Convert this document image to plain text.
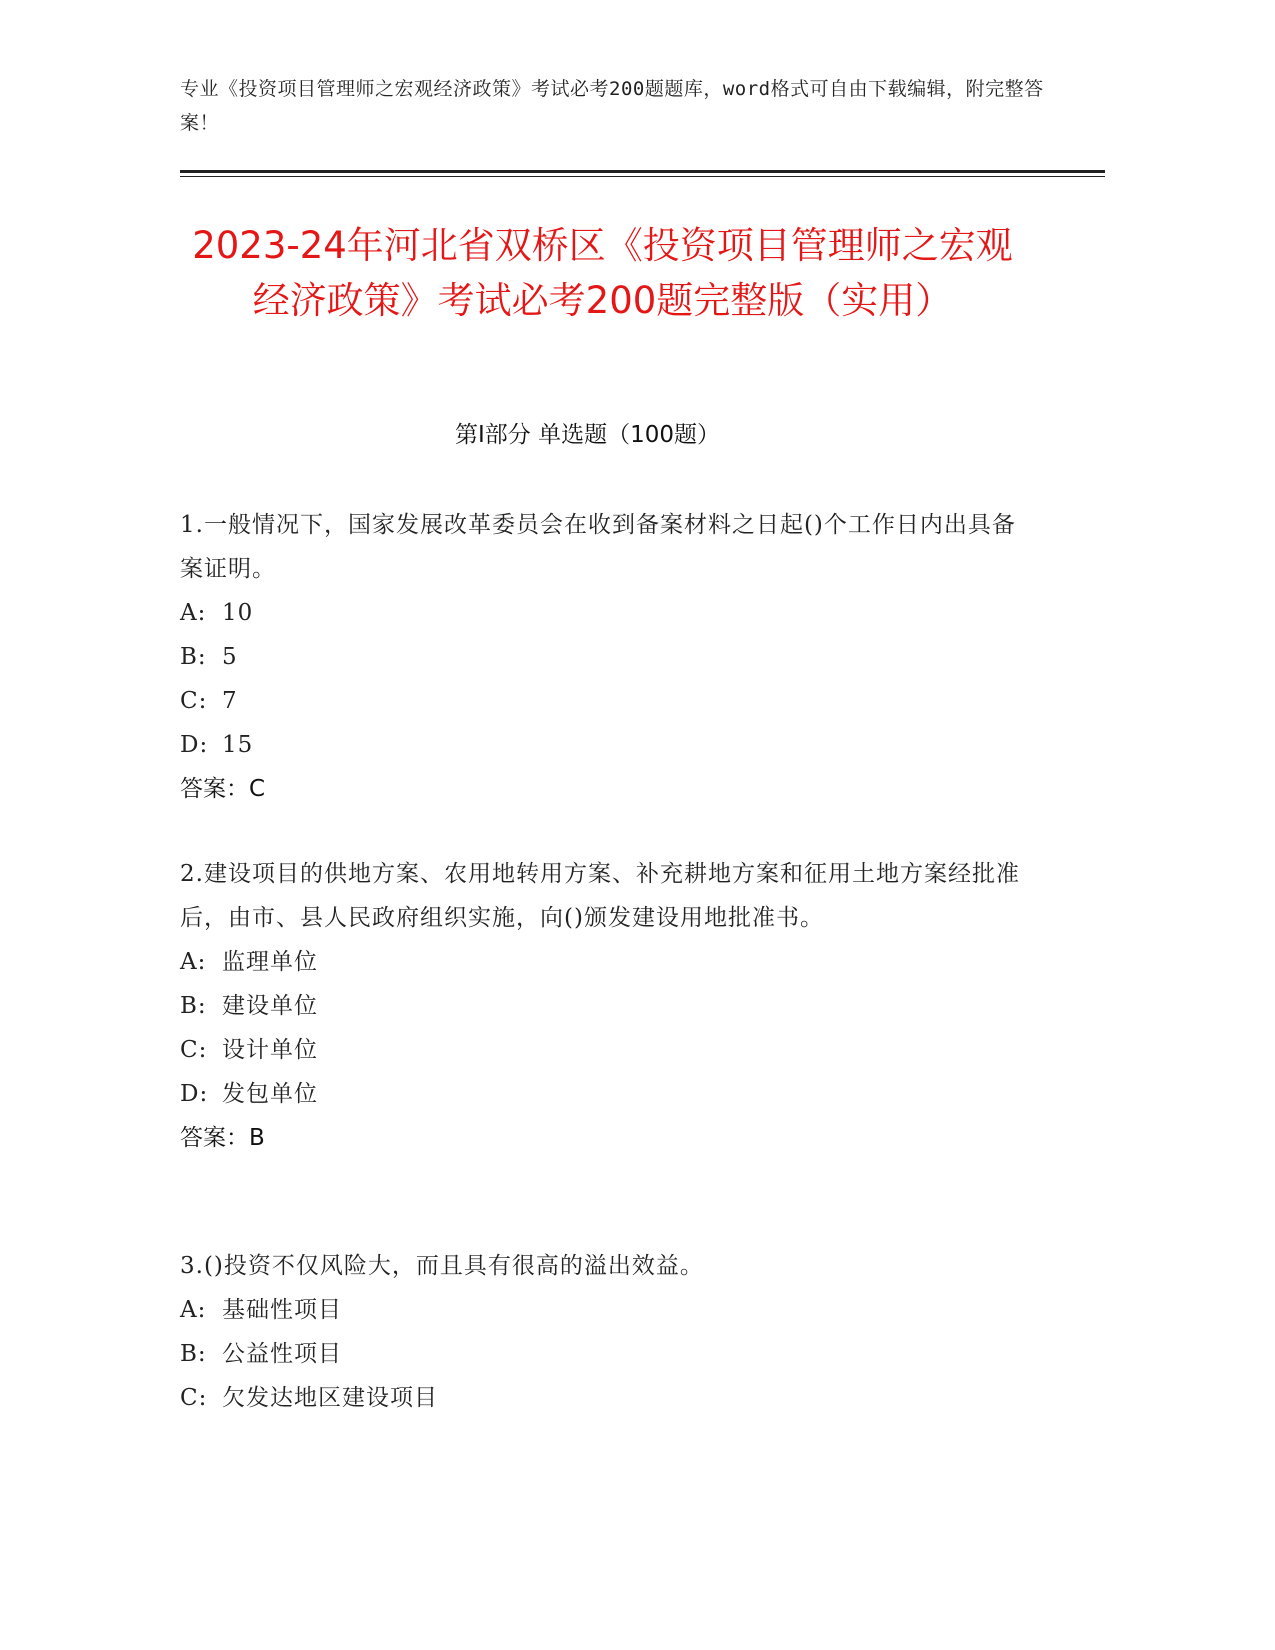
专业《投资项目管理师之宏观经济政策》考试必考200题题库，word格式可自由下载编辑，附完整答案！
2023-24年河北省双桥区《投资项目管理师之宏观经济政策》考试必考200题完整版（实用）
第Ⅰ部分 单选题（100题）

1.一般情况下，国家发展改革委员会在收到备案材料之日起()个工作日内出具备案证明。

A: 10

B: 5

C: 7

D: 15

答案：C

2.建设项目的供地方案、农用地转用方案、补充耕地方案和征用土地方案经批准后，由市、县人民政府组织实施，向()颁发建设用地批准书。

A: 监理单位

B: 建设单位

C: 设计单位

D: 发包单位

答案：B

3.()投资不仅风险大，而且具有很高的溢出效益。

A: 基础性项目

B: 公益性项目

C: 欠发达地区建设项目
